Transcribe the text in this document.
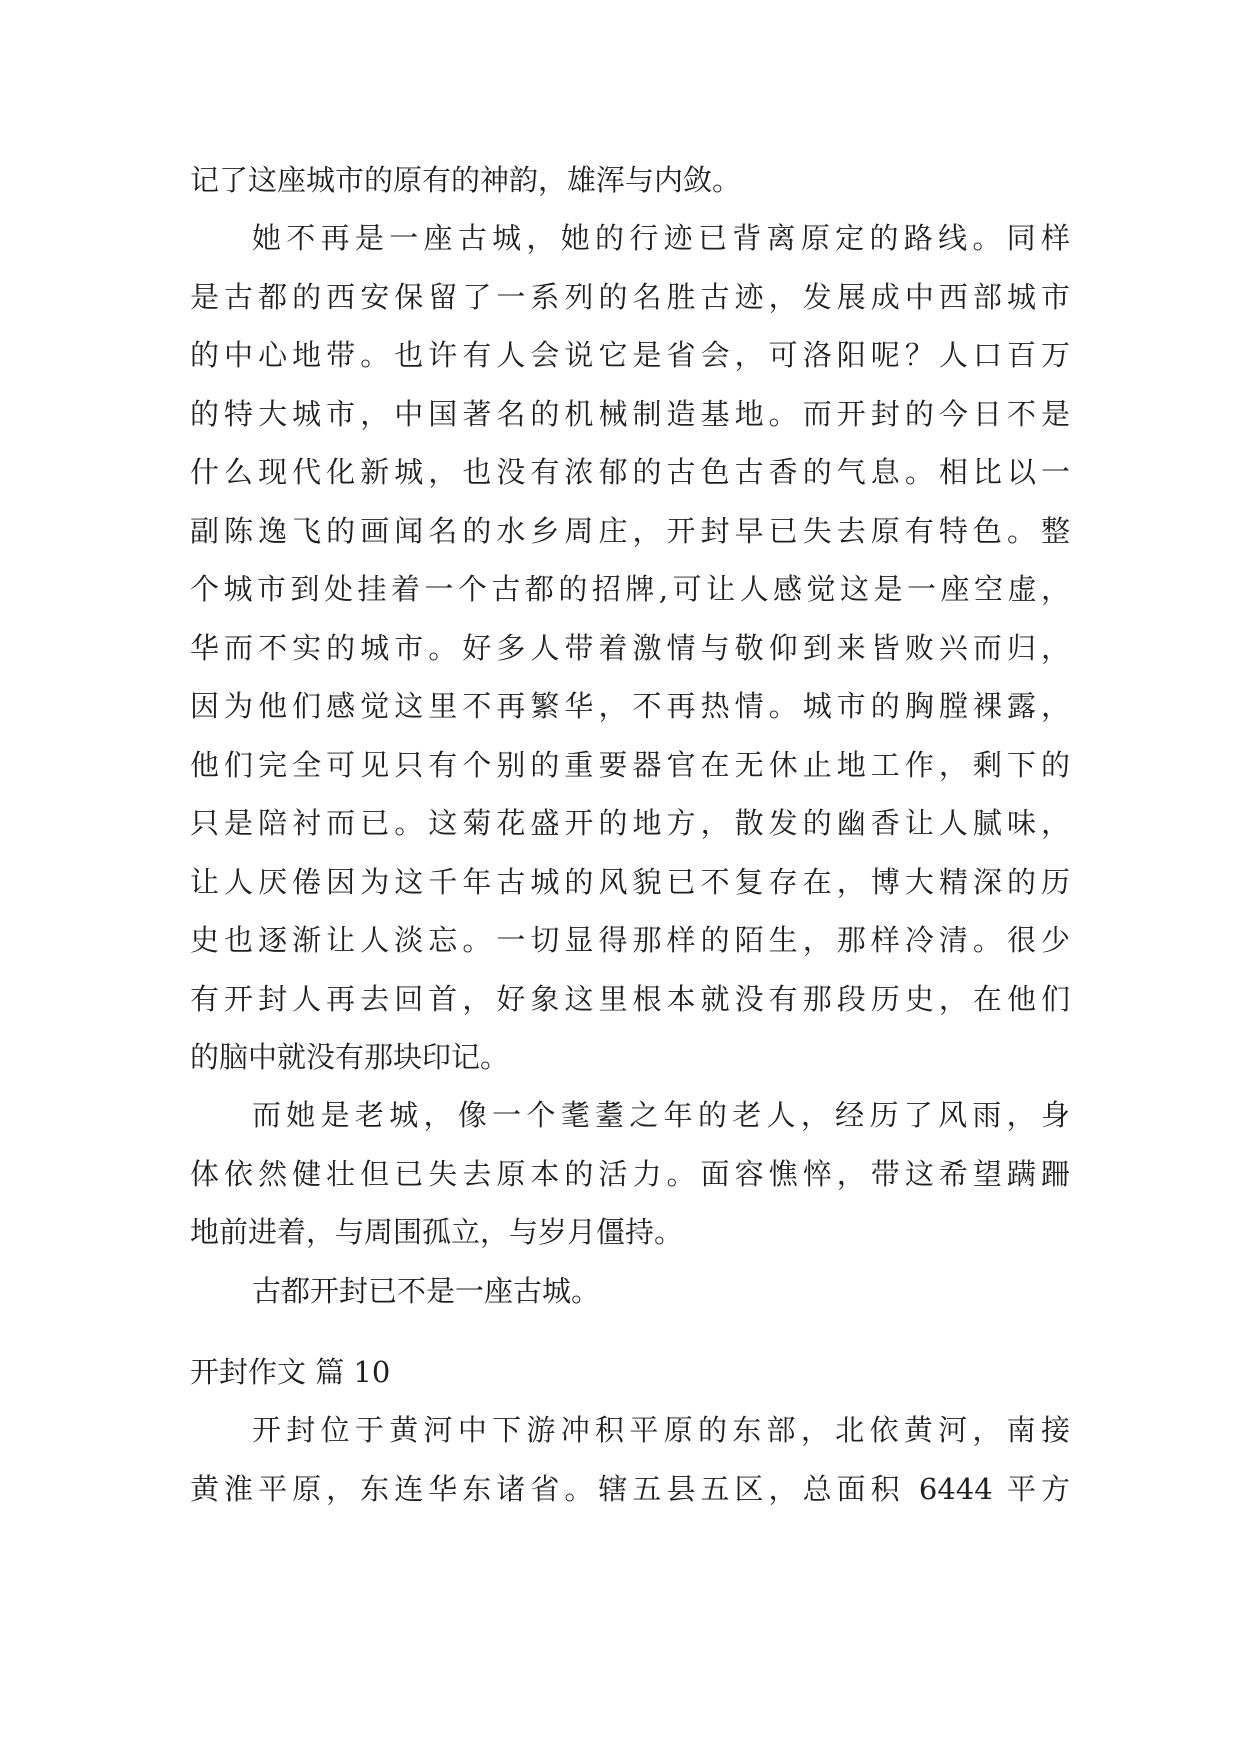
记了这座城市的原有的神韵，雄浑与内敛。
她不再是一座古城，她的行迹已背离原定的路线。同样
是古都的西安保留了一系列的名胜古迹，发展成中西部城市
的中心地带。也许有人会说它是省会，可洛阳呢？人口百万
的特大城市，中国著名的机械制造基地。而开封的今日不是
什么现代化新城，也没有浓郁的古色古香的气息。相比以一
副陈逸飞的画闻名的水乡周庄，开封早已失去原有特色。整
个城市到处挂着一个古都的招牌,可让人感觉这是一座空虚，
华而不实的城市。好多人带着激情与敬仰到来皆败兴而归，
因为他们感觉这里不再繁华，不再热情。城市的胸膛裸露，
他们完全可见只有个别的重要器官在无休止地工作，剩下的
只是陪衬而已。这菊花盛开的地方，散发的幽香让人腻味，
让人厌倦因为这千年古城的风貌已不复存在，博大精深的历
史也逐渐让人淡忘。一切显得那样的陌生，那样冷清。很少
有开封人再去回首，好象这里根本就没有那段历史，在他们
的脑中就没有那块印记。
而她是老城，像一个耄耋之年的老人，经历了风雨，身
体依然健壮但已失去原本的活力。面容憔悴，带这希望蹒跚
地前进着，与周围孤立，与岁月僵持。
古都开封已不是一座古城。
开封作文 篇 10
开封位于黄河中下游冲积平原的东部，北依黄河，南接
黄淮平原，东连华东诸省。辖五县五区，总面积 6444 平方
